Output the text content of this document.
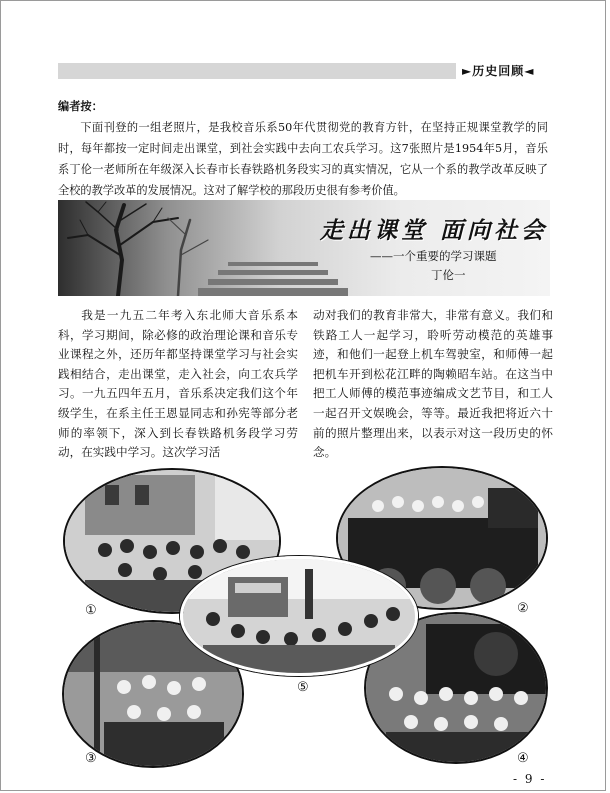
►历史回顾◄
编者按：

下面刊登的一组老照片，是我校音乐系50年代贯彻党的教育方针，在坚持正规课堂教学的同时，每年都按一定时间走出课堂，到社会实践中去向工农兵学习。这7张照片是1954年5月，音乐系丁伦一老师所在年级深入长春市长春铁路机务段实习的真实情况，它从一个系的教学改革反映了全校的教学改革的发展情况。这对了解学校的那段历史很有参考价值。

走出课堂 面向社会
——一个重要的学习课题
丁伦一

我是一九五二年考入东北师大音乐系本科，学习期间，除必修的政治理论课和音乐专业课程之外，还历年都坚持课堂学习与社会实践相结合，走出课堂，走入社会，向工农兵学习。一九五四年五月，音乐系决定我们这个年级学生，在系主任王恩显同志和孙宪等部分老师的率领下，深入到长春铁路机务段学习劳动，在实践中学习。这次学习活

动对我们的教育非常大，非常有意义。我们和铁路工人一起学习，聆听劳动模范的英雄事迹，和他们一起登上机车驾驶室，和师傅一起把机车开到松花江畔的陶赖昭车站。在这当中把工人师傅的模范事迹编成文艺节目，和工人一起召开文娱晚会，等等。最近我把将近六十前的照片整理出来，以表示对这一段历史的怀念。

①	②
③	④
⑤
- 9 -
